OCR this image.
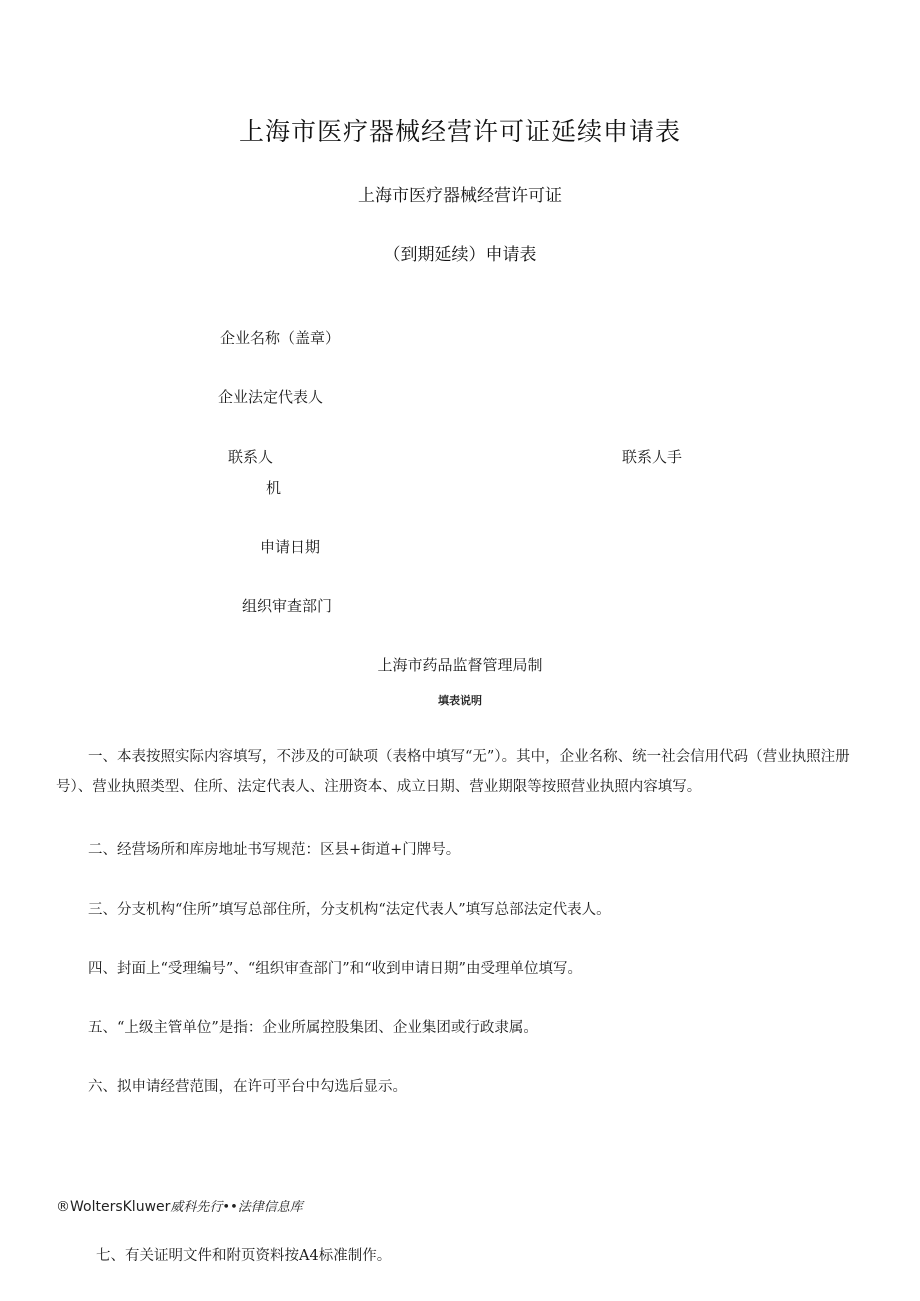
上海市医疗器械经营许可证延续申请表
上海市医疗器械经营许可证
（到期延续）申请表
企业名称（盖章）
企业法定代表人
联系人	联系人手
机
申请日期
组织审查部门
上海市药品监督管理局制
填表说明
一、本表按照实际内容填写，不涉及的可缺项（表格中填写“无”）。其中，企业名称、统一社会信用代码（营业执照注册号）、营业执照类型、住所、法定代表人、注册资本、成立日期、营业期限等按照营业执照内容填写。
二、经营场所和库房地址书写规范：区县+街道+门牌号。
三、分支机构“住所”填写总部住所，分支机构“法定代表人”填写总部法定代表人。
四、封面上“受理编号”、“组织审查部门”和“收到申请日期”由受理单位填写。
五、“上级主管单位”是指：企业所属控股集团、企业集团或行政隶属。
六、拟申请经营范围，在许可平台中勾选后显示。
®WoltersKluwer威科先行••法律信息库
七、有关证明文件和附页资料按A4标准制作。
